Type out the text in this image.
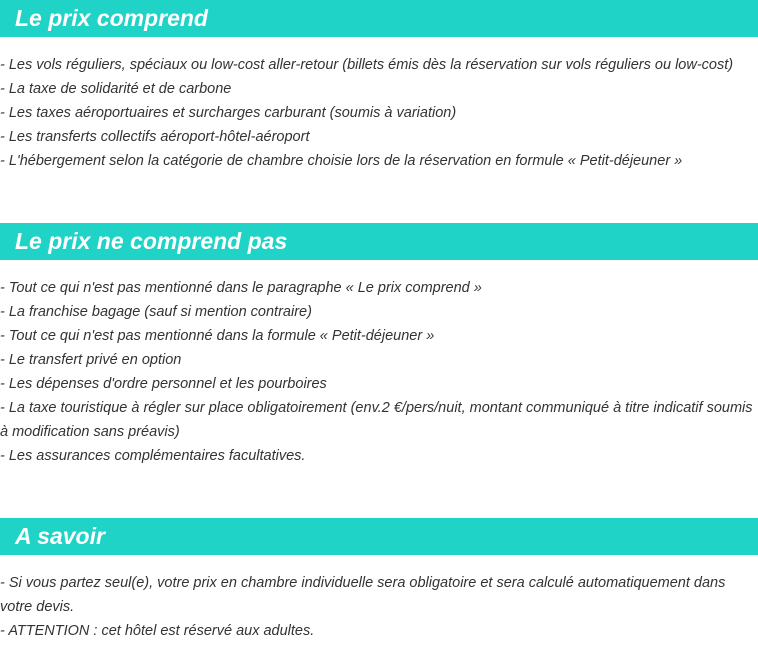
Le prix comprend
- Les vols réguliers, spéciaux ou low-cost aller-retour (billets émis dès la réservation sur vols réguliers ou low-cost)
- La taxe de solidarité et de carbone
- Les taxes aéroportuaires et surcharges carburant (soumis à variation)
- Les transferts collectifs aéroport-hôtel-aéroport
- L'hébergement selon la catégorie de chambre choisie lors de la réservation en formule « Petit-déjeuner »
Le prix ne comprend pas
- Tout ce qui n'est pas mentionné dans le paragraphe « Le prix comprend »
- La franchise bagage (sauf si mention contraire)
- Tout ce qui n'est pas mentionné dans la formule « Petit-déjeuner »
- Le transfert privé en option
- Les dépenses d'ordre personnel et les pourboires
- La taxe touristique à régler sur place obligatoirement (env.2 €/pers/nuit, montant communiqué à titre indicatif soumis à modification sans préavis)
- Les assurances complémentaires facultatives.
A savoir
- Si vous partez seul(e), votre prix en chambre individuelle sera obligatoire et sera calculé automatiquement dans votre devis.
- ATTENTION : cet hôtel est réservé aux adultes.
